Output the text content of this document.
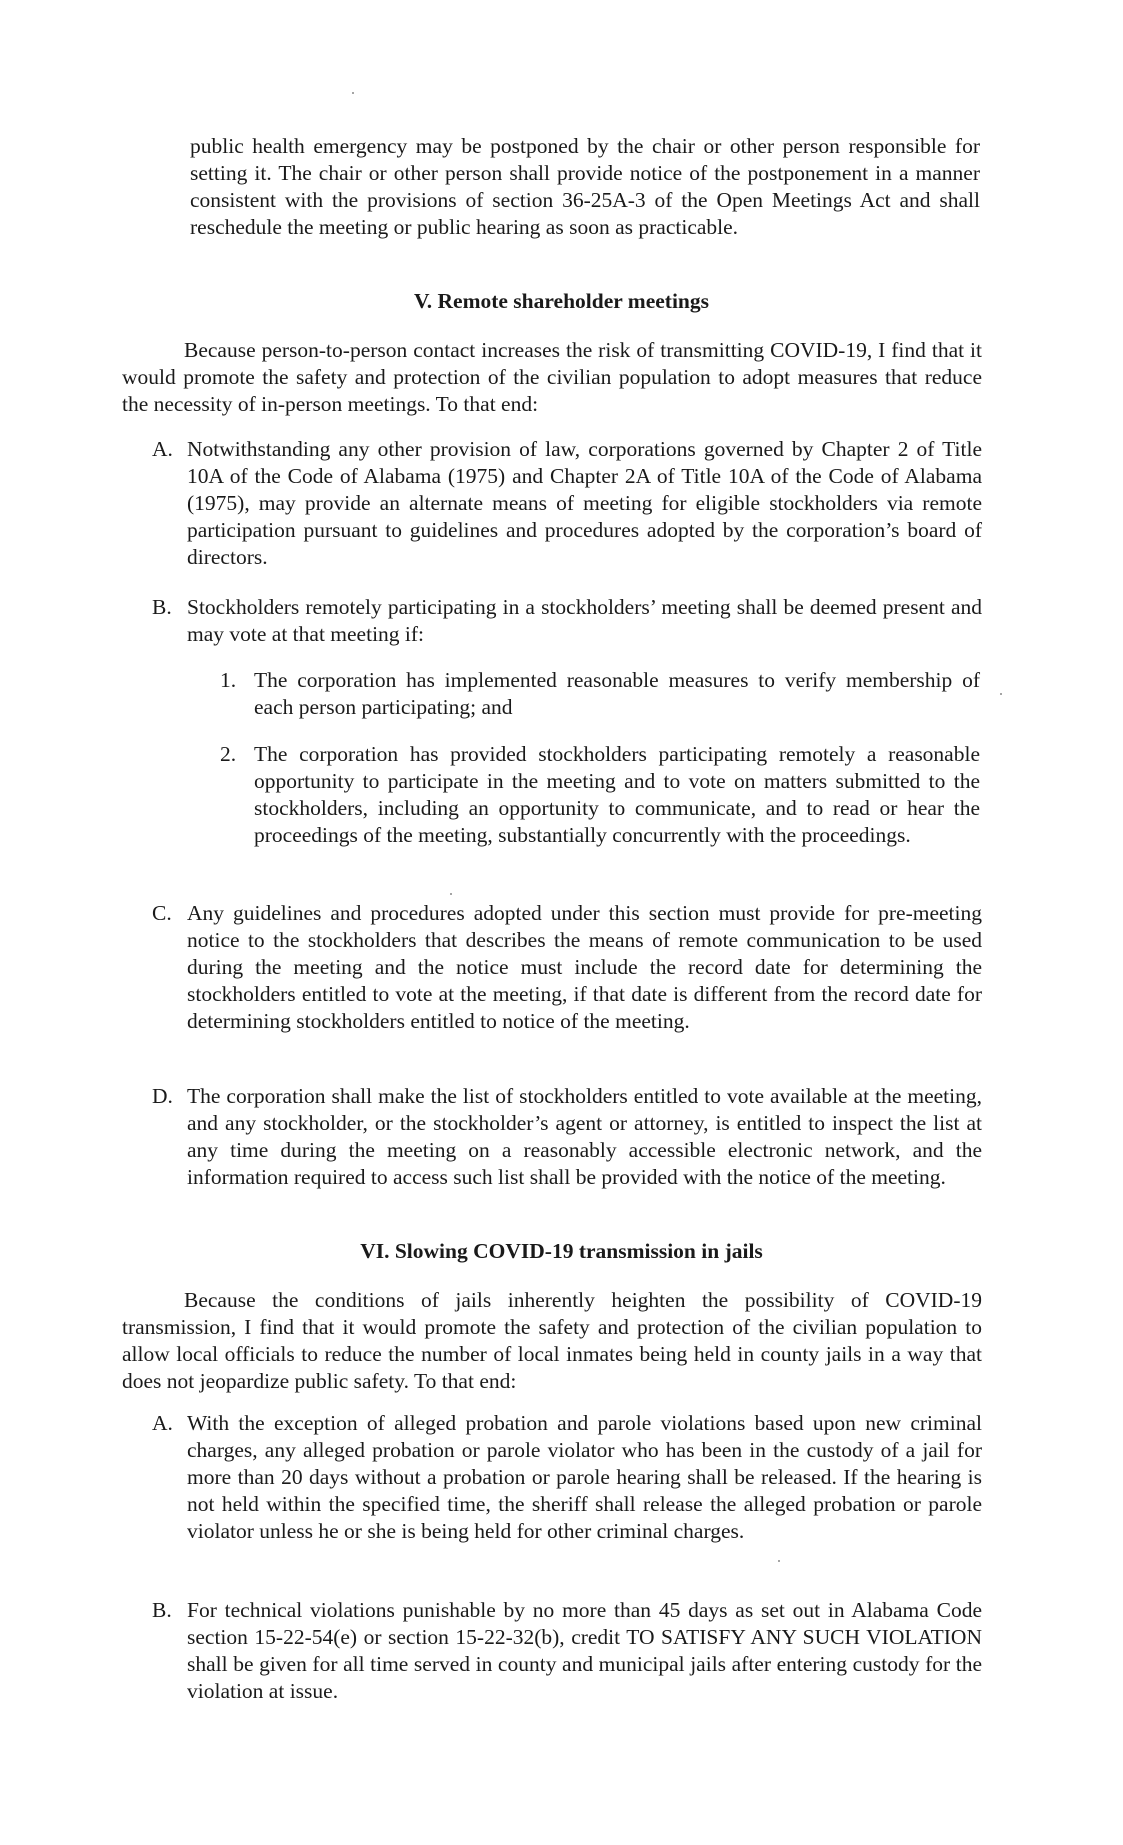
public health emergency may be postponed by the chair or other person responsible for setting it. The chair or other person shall provide notice of the postponement in a manner consistent with the provisions of section 36-25A-3 of the Open Meetings Act and shall reschedule the meeting or public hearing as soon as practicable.

V. Remote shareholder meetings

Because person-to-person contact increases the risk of transmitting COVID-19, I find that it would promote the safety and protection of the civilian population to adopt measures that reduce the necessity of in-person meetings. To that end:

A. Notwithstanding any other provision of law, corporations governed by Chapter 2 of Title 10A of the Code of Alabama (1975) and Chapter 2A of Title 10A of the Code of Alabama (1975), may provide an alternate means of meeting for eligible stockholders via remote participation pursuant to guidelines and procedures adopted by the corporation’s board of directors.

B. Stockholders remotely participating in a stockholders’ meeting shall be deemed present and may vote at that meeting if:

1. The corporation has implemented reasonable measures to verify membership of each person participating; and

2. The corporation has provided stockholders participating remotely a reasonable opportunity to participate in the meeting and to vote on matters submitted to the stockholders, including an opportunity to communicate, and to read or hear the proceedings of the meeting, substantially concurrently with the proceedings.

C. Any guidelines and procedures adopted under this section must provide for pre-meeting notice to the stockholders that describes the means of remote communication to be used during the meeting and the notice must include the record date for determining the stockholders entitled to vote at the meeting, if that date is different from the record date for determining stockholders entitled to notice of the meeting.

D. The corporation shall make the list of stockholders entitled to vote available at the meeting, and any stockholder, or the stockholder’s agent or attorney, is entitled to inspect the list at any time during the meeting on a reasonably accessible electronic network, and the information required to access such list shall be provided with the notice of the meeting.

VI. Slowing COVID-19 transmission in jails

Because the conditions of jails inherently heighten the possibility of COVID-19 transmission, I find that it would promote the safety and protection of the civilian population to allow local officials to reduce the number of local inmates being held in county jails in a way that does not jeopardize public safety. To that end:

A. With the exception of alleged probation and parole violations based upon new criminal charges, any alleged probation or parole violator who has been in the custody of a jail for more than 20 days without a probation or parole hearing shall be released. If the hearing is not held within the specified time, the sheriff shall release the alleged probation or parole violator unless he or she is being held for other criminal charges.

B. For technical violations punishable by no more than 45 days as set out in Alabama Code section 15-22-54(e) or section 15-22-32(b), credit TO SATISFY ANY SUCH VIOLATION shall be given for all time served in county and municipal jails after entering custody for the violation at issue.
